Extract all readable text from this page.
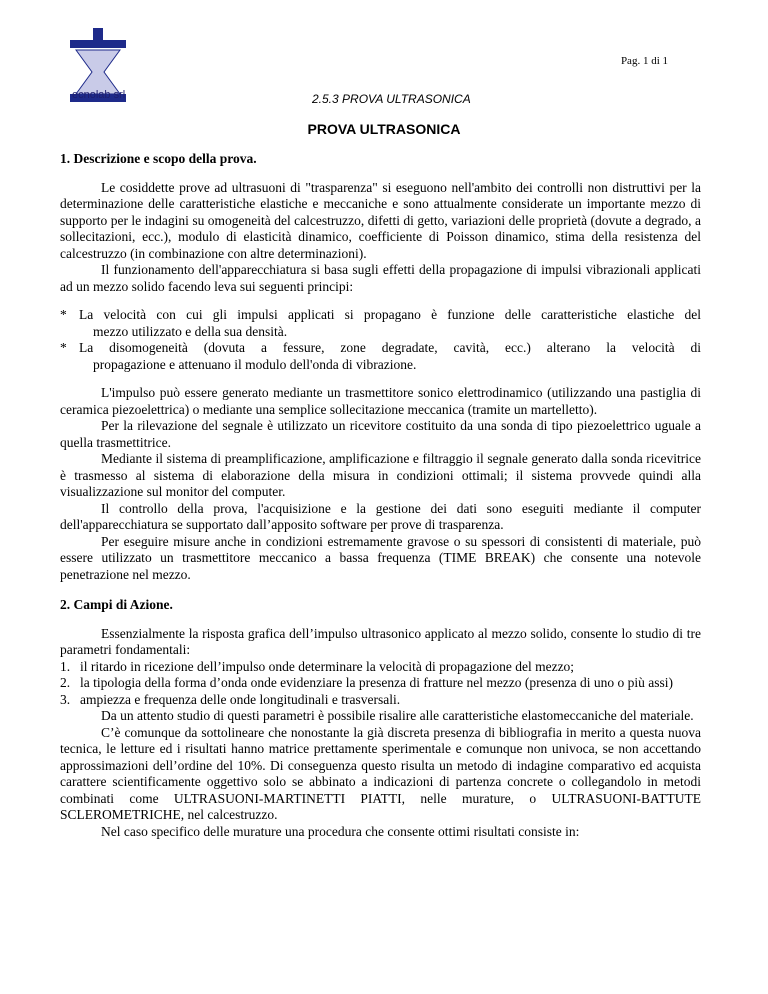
ecnolab srl
Pag. 1 di 1
2.5.3 PROVA ULTRASONICA
PROVA ULTRASONICA
1. Descrizione e scopo della prova.

Le cosiddette prove ad ultrasuoni di "trasparenza" si eseguono nell'ambito dei controlli non distruttivi per la determinazione delle caratteristiche elastiche e meccaniche e sono attualmente considerate un importante mezzo di supporto per le indagini su omogeneità del calcestruzzo, difetti di getto, variazioni delle proprietà (dovute a degrado, a sollecitazioni, ecc.), modulo di elasticità dinamico, coefficiente di Poisson dinamico, stima della resistenza del calcestruzzo (in combinazione con altre determinazioni).

Il funzionamento dell'apparecchiatura si basa sugli effetti della propagazione di impulsi vibrazionali applicati ad un mezzo solido facendo leva sui seguenti principi:

* La velocità con cui gli impulsi applicati si propagano è funzione delle caratteristiche elastiche del
mezzo utilizzato e della sua densità.
* La disomogeneità (dovuta a fessure, zone degradate, cavità, ecc.) alterano la velocità di
propagazione e attenuano il modulo dell'onda di vibrazione.

L'impulso può essere generato mediante un trasmettitore sonico elettrodinamico (utilizzando una pastiglia di ceramica piezoelettrica) o mediante una semplice sollecitazione meccanica (tramite un martelletto).

Per la rilevazione del segnale è utilizzato un ricevitore costituito da una sonda di tipo piezoelettrico uguale a quella trasmettitrice.

Mediante il sistema di preamplificazione, amplificazione e filtraggio il segnale generato dalla sonda ricevitrice è trasmesso al sistema di elaborazione della misura in condizioni ottimali; il sistema provvede quindi alla visualizzazione sul monitor del computer.

Il controllo della prova, l'acquisizione e la gestione dei dati sono eseguiti mediante il computer dell'apparecchiatura se supportato dall’apposito software per prove di trasparenza.

Per eseguire misure anche in condizioni estremamente gravose o su spessori di consistenti di materiale, può essere utilizzato un trasmettitore meccanico a bassa frequenza (TIME BREAK) che consente una notevole penetrazione nel mezzo.

2. Campi di Azione.

Essenzialmente la risposta grafica dell’impulso ultrasonico applicato al mezzo solido, consente lo studio di tre parametri fondamentali:

1. il ritardo in ricezione dell’impulso onde determinare la velocità di propagazione del mezzo;
2. la tipologia della forma d’onda onde evidenziare la presenza di fratture nel mezzo (presenza di uno o più assi)
3. ampiezza e frequenza delle onde longitudinali e trasversali.

Da un attento studio di questi parametri è possibile risalire alle caratteristiche elastomeccaniche del materiale.

C’è comunque da sottolineare che nonostante la già discreta presenza di bibliografia in merito a questa nuova tecnica, le letture ed i risultati hanno matrice prettamente sperimentale e comunque non univoca, se non accettando approssimazioni dell’ordine del 10%. Di conseguenza questo risulta un metodo di indagine comparativo ed acquista carattere scientificamente oggettivo solo se abbinato a indicazioni di partenza concrete o collegandolo in metodi combinati come ULTRASUONI-MARTINETTI PIATTI, nelle murature, o ULTRASUONI-BATTUTE SCLEROMETRICHE, nel calcestruzzo.

Nel caso specifico delle murature una procedura che consente ottimi risultati consiste in:
